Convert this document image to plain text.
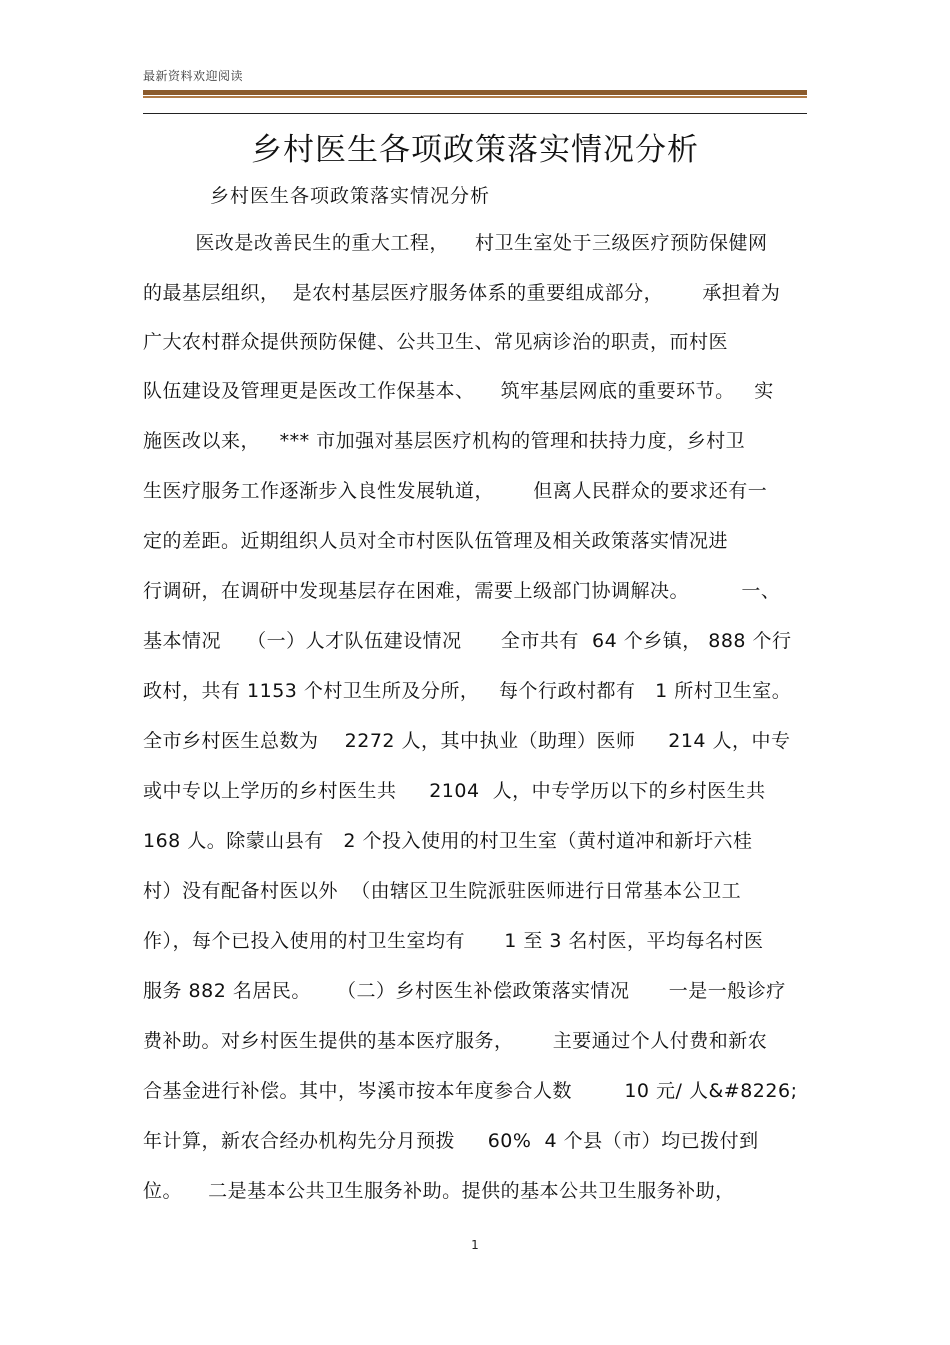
最新资料欢迎阅读
乡村医生各项政策落实情况分析
乡村医生各项政策落实情况分析
医改是改善民生的重大工程，    村卫生室处于三级医疗预防保健网
的最基层组织，  是农村基层医疗服务体系的重要组成部分，      承担着为
广大农村群众提供预防保健、公共卫生、常见病诊治的职责，而村医
队伍建设及管理更是医改工作保基本、    筑牢基层网底的重要环节。   实
施医改以来，   *** 市加强对基层医疗机构的管理和扶持力度，乡村卫
生医疗服务工作逐渐步入良性发展轨道，      但离人民群众的要求还有一
定的差距。近期组织人员对全市村医队伍管理及相关政策落实情况进
行调研，在调研中发现基层存在困难，需要上级部门协调解决。        一、
基本情况    （一）人才队伍建设情况      全市共有  64 个乡镇， 888 个行
政村，共有 1153 个村卫生所及分所，   每个行政村都有   1 所村卫生室。
全市乡村医生总数为    2272 人，其中执业（助理）医师     214 人，中专
或中专以上学历的乡村医生共     2104  人，中专学历以下的乡村医生共
168 人。除蒙山县有   2 个投入使用的村卫生室（黄村道冲和新圩六桂
村）没有配备村医以外  （由辖区卫生院派驻医师进行日常基本公卫工
作），每个已投入使用的村卫生室均有      1 至 3 名村医，平均每名村医
服务 882 名居民。    （二）乡村医生补偿政策落实情况      一是一般诊疗
费补助。对乡村医生提供的基本医疗服务，      主要通过个人付费和新农
合基金进行补偿。其中，岑溪市按本年度参合人数        10 元/ 人&#8226;
年计算，新农合经办机构先分月预拨     60%  4 个县（市）均已拨付到
位。    二是基本公共卫生服务补助。提供的基本公共卫生服务补助，
1
